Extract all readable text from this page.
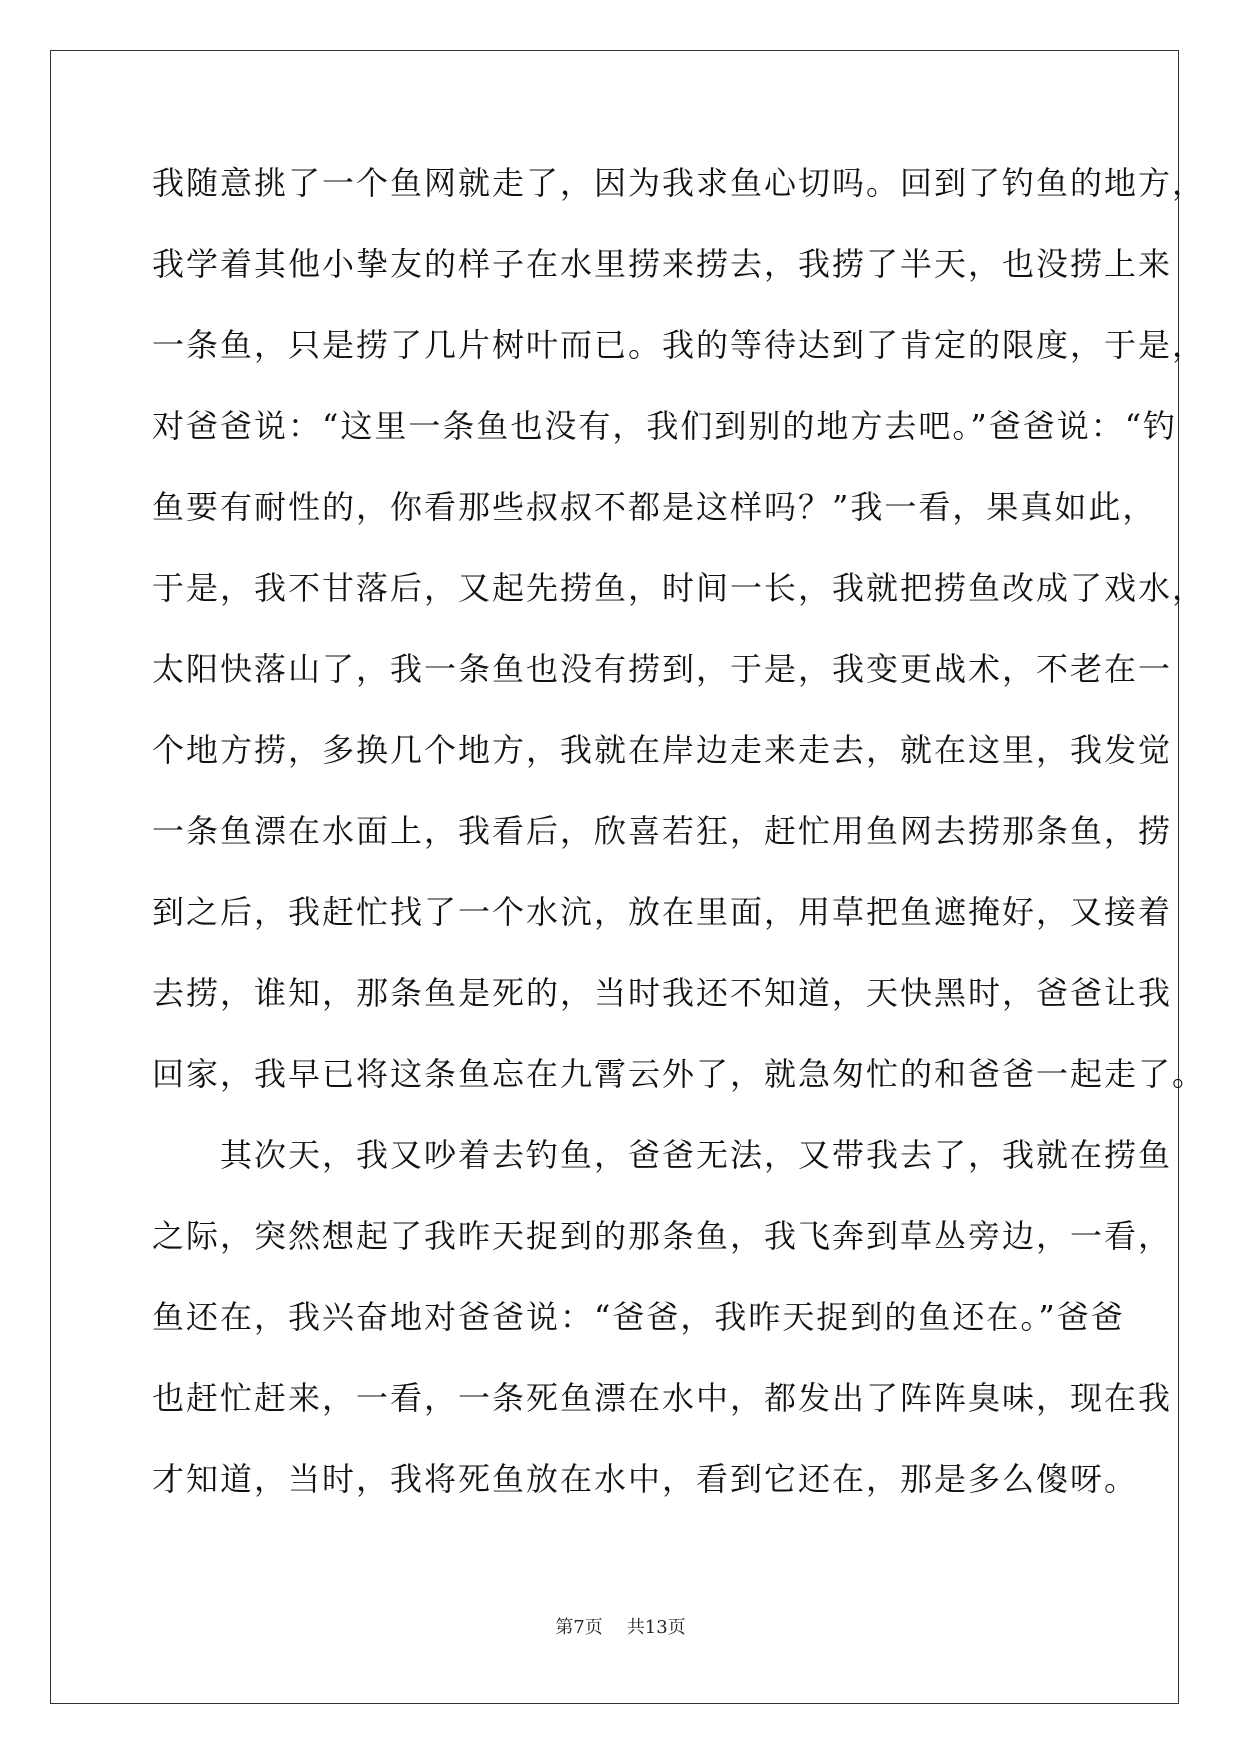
我随意挑了一个鱼网就走了，因为我求鱼心切吗。回到了钓鱼的地方，
我学着其他小挚友的样子在水里捞来捞去，我捞了半天，也没捞上来
一条鱼，只是捞了几片树叶而已。我的等待达到了肯定的限度，于是，
对爸爸说：“这里一条鱼也没有，我们到别的地方去吧。”爸爸说：“钓
鱼要有耐性的，你看那些叔叔不都是这样吗？”我一看，果真如此，
于是，我不甘落后，又起先捞鱼，时间一长，我就把捞鱼改成了戏水，
太阳快落山了，我一条鱼也没有捞到，于是，我变更战术，不老在一
个地方捞，多换几个地方，我就在岸边走来走去，就在这里，我发觉
一条鱼漂在水面上，我看后，欣喜若狂，赶忙用鱼网去捞那条鱼，捞
到之后，我赶忙找了一个水沆，放在里面，用草把鱼遮掩好，又接着
去捞，谁知，那条鱼是死的，当时我还不知道，天快黑时，爸爸让我
回家，我早已将这条鱼忘在九霄云外了，就急匆忙的和爸爸一起走了。
　　其次天，我又吵着去钓鱼，爸爸无法，又带我去了，我就在捞鱼
之际，突然想起了我昨天捉到的那条鱼，我飞奔到草丛旁边，一看，
鱼还在，我兴奋地对爸爸说：“爸爸，我昨天捉到的鱼还在。”爸爸
也赶忙赶来，一看，一条死鱼漂在水中，都发出了阵阵臭味，现在我
才知道，当时，我将死鱼放在水中，看到它还在，那是多么傻呀。
第7页 共13页
